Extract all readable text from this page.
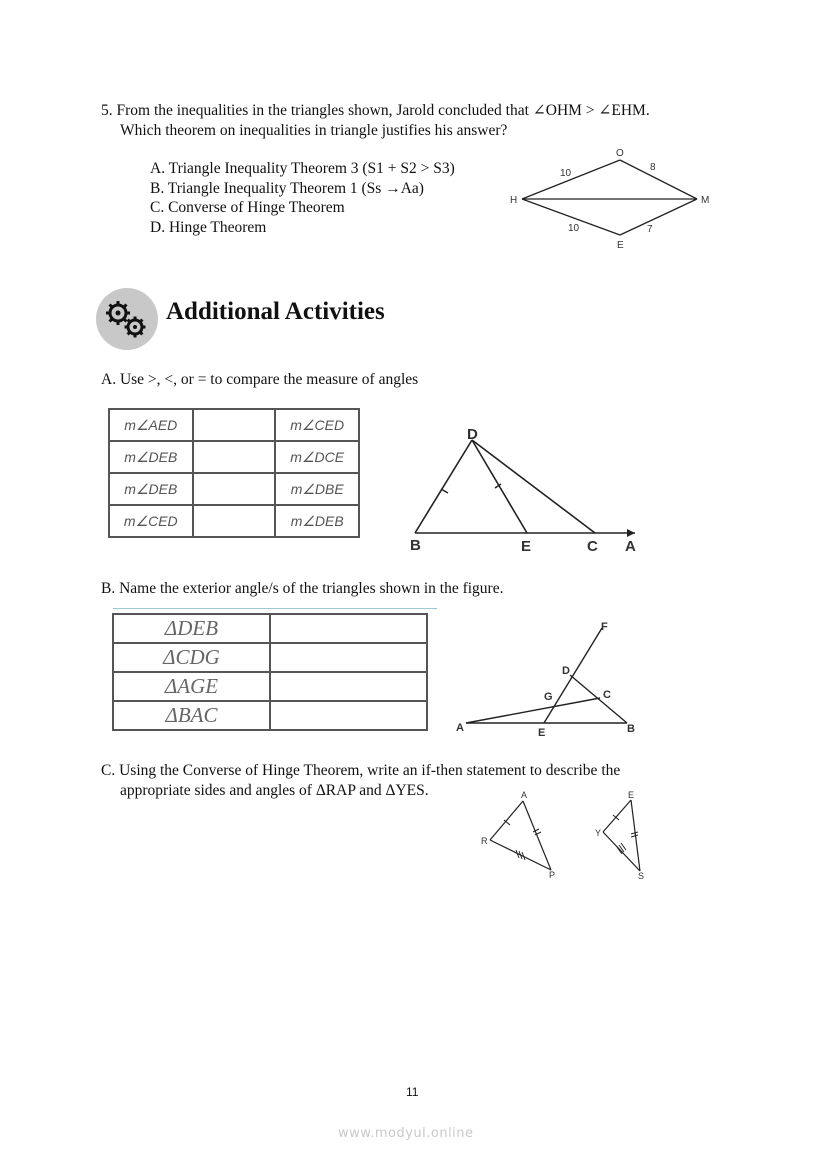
5. From the inequalities in the triangles shown, Jarold concluded that ∠OHM > ∠EHM.
Which theorem on inequalities in triangle justifies his answer?
A. Triangle Inequality Theorem 3 (S1 + S2 > S3)
B. Triangle Inequality Theorem 1 (Ss →Aa)
C. Converse of Hinge Theorem
D. Hinge Theorem
O
H	M
E
10
8
10	7
Additional Activities
A. Use >, <, or = to compare the measure of angles
m∠AED		m∠CED
m∠DEB		m∠DCE
m∠DEB		m∠DBE
m∠CED		m∠DEB
D
B	E	C A
B. Name the exterior angle/s of the triangles shown in the figure.
ΔDEB	
ΔCDG	
ΔAGE	
ΔBAC	
F
D
G	C
A	E	B
C. Using the Converse of Hinge Theorem, write an if-then statement to describe the
appropriate sides and angles of ΔRAP and ΔYES.	A
R
P
E
Y
S
11
www.modyul.online
